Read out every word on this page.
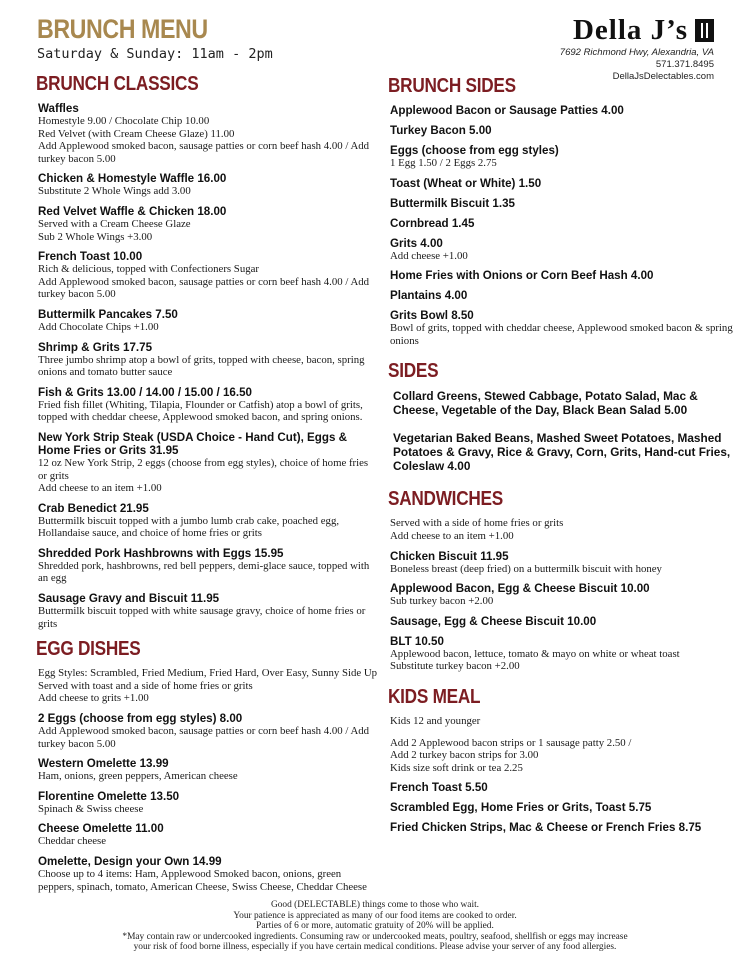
BRUNCH MENU
Saturday & Sunday: 11am - 2pm
Della J’s
7692 Richmond Hwy, Alexandria, VA
571.371.8495
DellaJsDelectables.com
BRUNCH CLASSICS
Waffles
Homestyle 9.00 / Chocolate Chip 10.00
Red Velvet (with Cream Cheese Glaze) 11.00
Add Applewood smoked bacon, sausage patties or corn beef hash 4.00 / Add turkey bacon 5.00
Chicken & Homestyle Waffle 16.00
Substitute 2 Whole Wings add 3.00
Red Velvet Waffle & Chicken 18.00
Served with a Cream Cheese Glaze
Sub 2 Whole Wings +3.00
French Toast 10.00
Rich & delicious, topped with Confectioners Sugar
Add Applewood smoked bacon, sausage patties or corn beef hash 4.00 / Add turkey bacon 5.00
Buttermilk Pancakes 7.50
Add Chocolate Chips +1.00
Shrimp & Grits 17.75
Three jumbo shrimp atop a bowl of grits, topped with cheese, bacon, spring onions and tomato butter sauce
Fish & Grits 13.00 / 14.00 / 15.00 / 16.50
Fried fish fillet (Whiting, Tilapia, Flounder or Catfish) atop a bowl of grits, topped with cheddar cheese, Applewood smoked bacon, and spring onions.
New York Strip Steak (USDA Choice - Hand Cut), Eggs & Home Fries or Grits 31.95
12 oz New York Strip, 2 eggs (choose from egg styles), choice of home fries or grits
Add cheese to an item +1.00
Crab Benedict 21.95
Buttermilk biscuit topped with a jumbo lumb crab cake, poached egg, Hollandaise sauce, and choice of home fries or grits
Shredded Pork Hashbrowns with Eggs 15.95
Shredded pork, hashbrowns, red bell peppers, demi-glace sauce, topped with an egg
Sausage Gravy and Biscuit 11.95
Buttermilk biscuit topped with white sausage gravy, choice of home fries or grits
EGG DISHES
Egg Styles: Scrambled, Fried Medium, Fried Hard, Over Easy, Sunny Side Up
Served with toast and a side of home fries or grits
Add cheese to grits +1.00
2 Eggs (choose from egg styles) 8.00
Add Applewood smoked bacon, sausage patties or corn beef hash 4.00 / Add turkey bacon 5.00
Western Omelette 13.99
Ham, onions, green peppers, American cheese
Florentine Omelette 13.50
Spinach & Swiss cheese
Cheese Omelette 11.00
Cheddar cheese
Omelette, Design your Own 14.99
Choose up to 4 items: Ham, Applewood Smoked bacon, onions, green peppers, spinach, tomato, American Cheese, Swiss Cheese, Cheddar Cheese
BRUNCH SIDES
Applewood Bacon or Sausage Patties 4.00
Turkey Bacon 5.00
Eggs (choose from egg styles)
1 Egg 1.50 / 2 Eggs 2.75
Toast (Wheat or White) 1.50
Buttermilk Biscuit 1.35
Cornbread 1.45
Grits 4.00
Add cheese +1.00
Home Fries with Onions or Corn Beef Hash 4.00
Plantains 4.00
Grits Bowl 8.50
Bowl of grits, topped with cheddar cheese, Applewood smoked bacon & spring onions
SIDES
Collard Greens, Stewed Cabbage, Potato Salad, Mac & Cheese, Vegetable of the Day, Black Bean Salad 5.00
Vegetarian Baked Beans, Mashed Sweet Potatoes, Mashed Potatoes & Gravy, Rice & Gravy, Corn, Grits, Hand-cut Fries, Coleslaw 4.00
SANDWICHES
Served with a side of home fries or grits
Add cheese to an item +1.00
Chicken Biscuit 11.95
Boneless breast (deep fried) on a buttermilk biscuit with honey
Applewood Bacon, Egg & Cheese Biscuit 10.00
Sub turkey bacon +2.00
Sausage, Egg & Cheese Biscuit 10.00
BLT 10.50
Applewood bacon, lettuce, tomato & mayo on white or wheat toast
Substitute turkey bacon +2.00
KIDS MEAL
Kids 12 and younger
Add 2 Applewood bacon strips or 1 sausage patty 2.50 /
Add 2 turkey bacon strips for 3.00
Kids size soft drink or tea 2.25
French Toast 5.50
Scrambled Egg, Home Fries or Grits, Toast 5.75
Fried Chicken Strips, Mac & Cheese or French Fries 8.75
Good (DELECTABLE) things come to those who wait.
Your patience is appreciated as many of our food items are cooked to order.
Parties of 6 or more, automatic gratuity of 20% will be applied.
*May contain raw or undercooked ingredients. Consuming raw or undercooked meats, poultry, seafood, shellfish or eggs may increase
your risk of food borne illness, especially if you have certain medical conditions. Please advise your server of any food allergies.
